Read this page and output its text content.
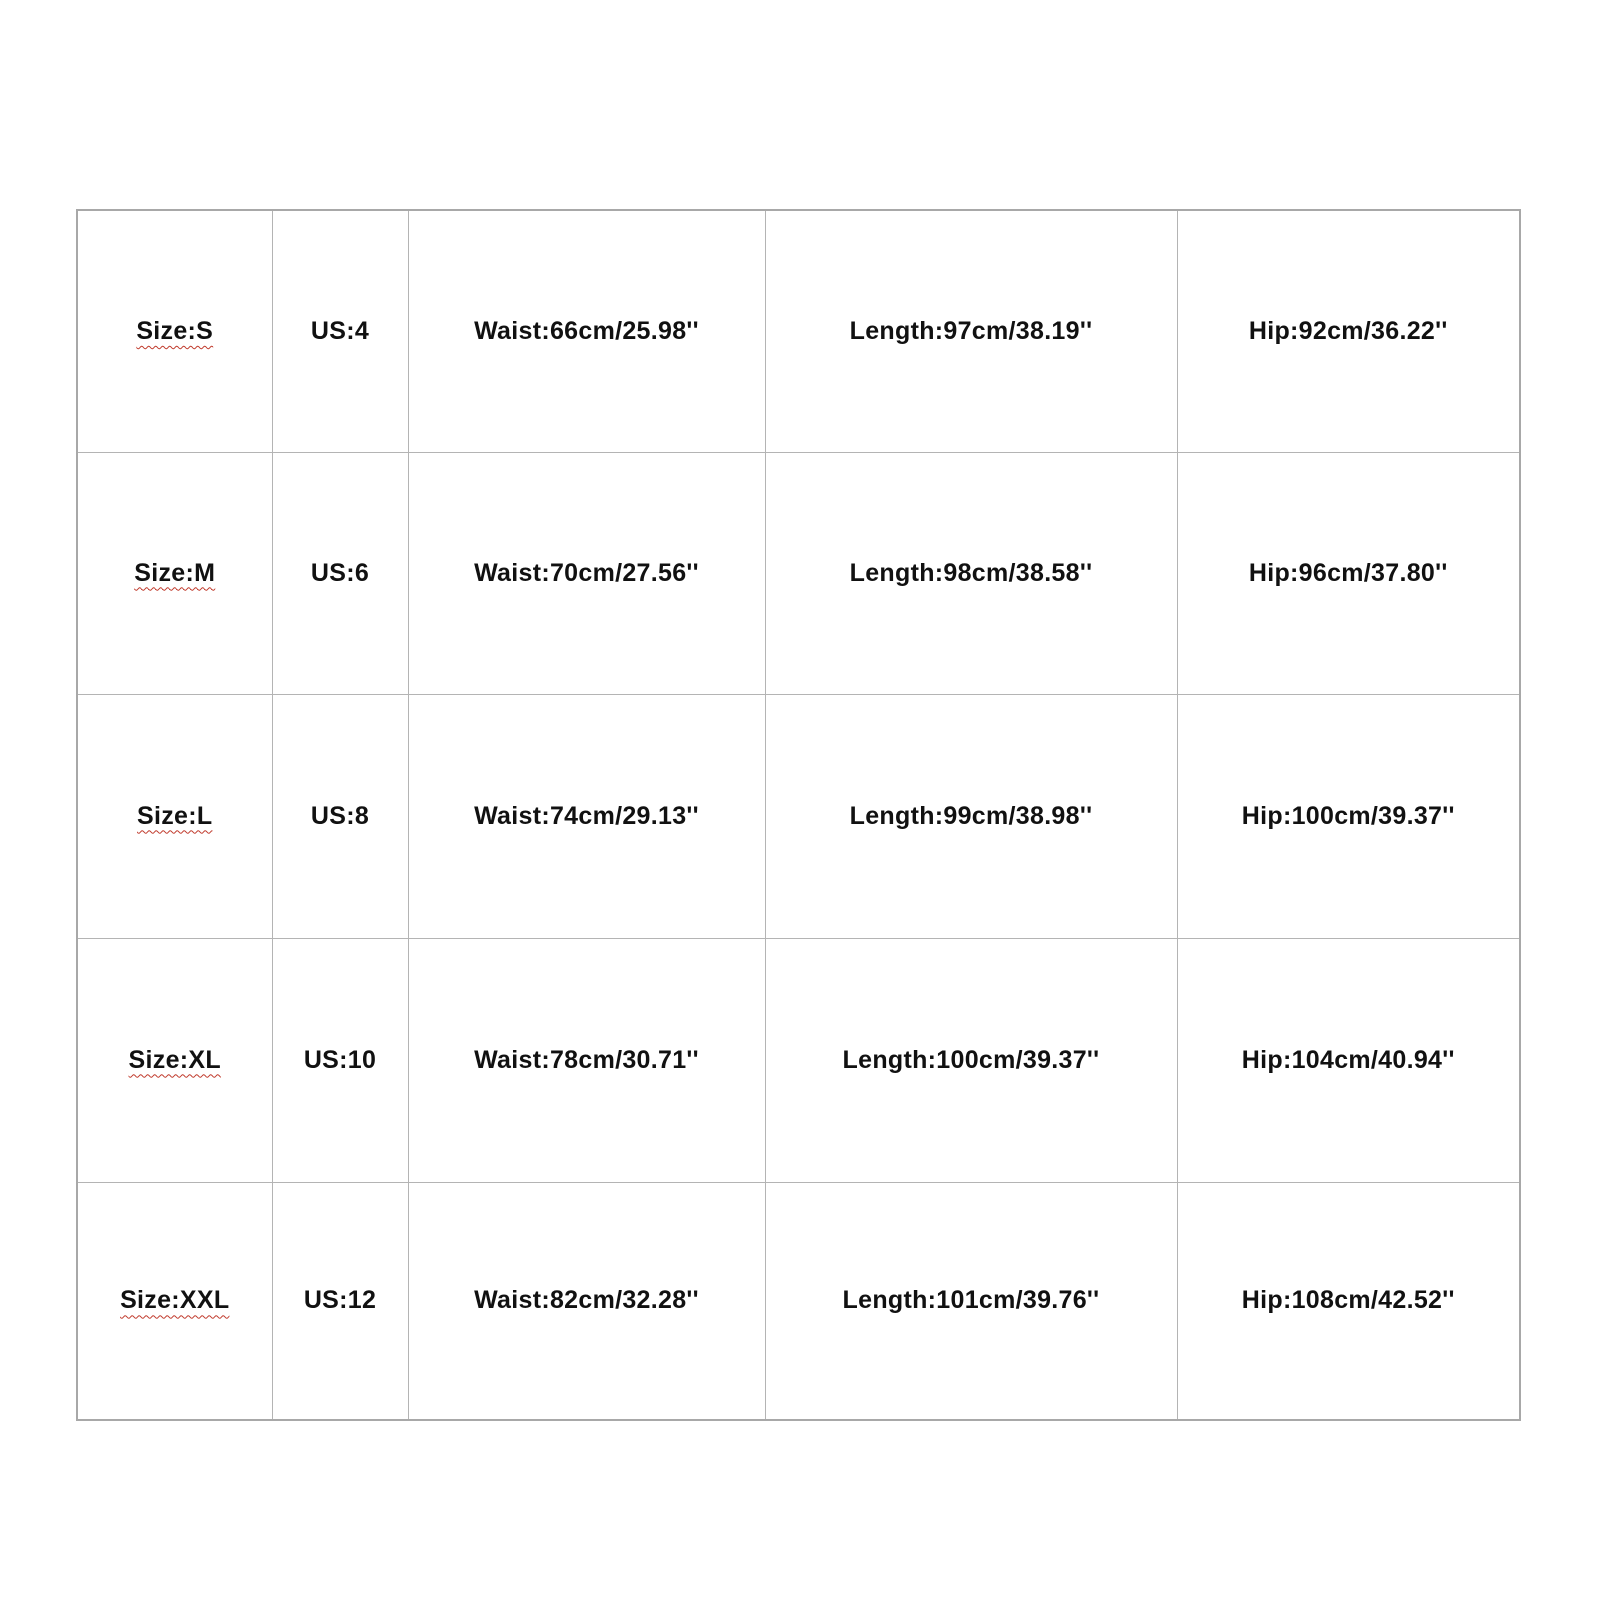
Size:S	US:4	Waist:66cm/25.98''	Length:97cm/38.19''	Hip:92cm/36.22''
Size:M	US:6	Waist:70cm/27.56''	Length:98cm/38.58''	Hip:96cm/37.80''
Size:L	US:8	Waist:74cm/29.13''	Length:99cm/38.98''	Hip:100cm/39.37''
Size:XL	US:10	Waist:78cm/30.71''	Length:100cm/39.37''	Hip:104cm/40.94''
Size:XXL	US:12	Waist:82cm/32.28''	Length:101cm/39.76''	Hip:108cm/42.52''
